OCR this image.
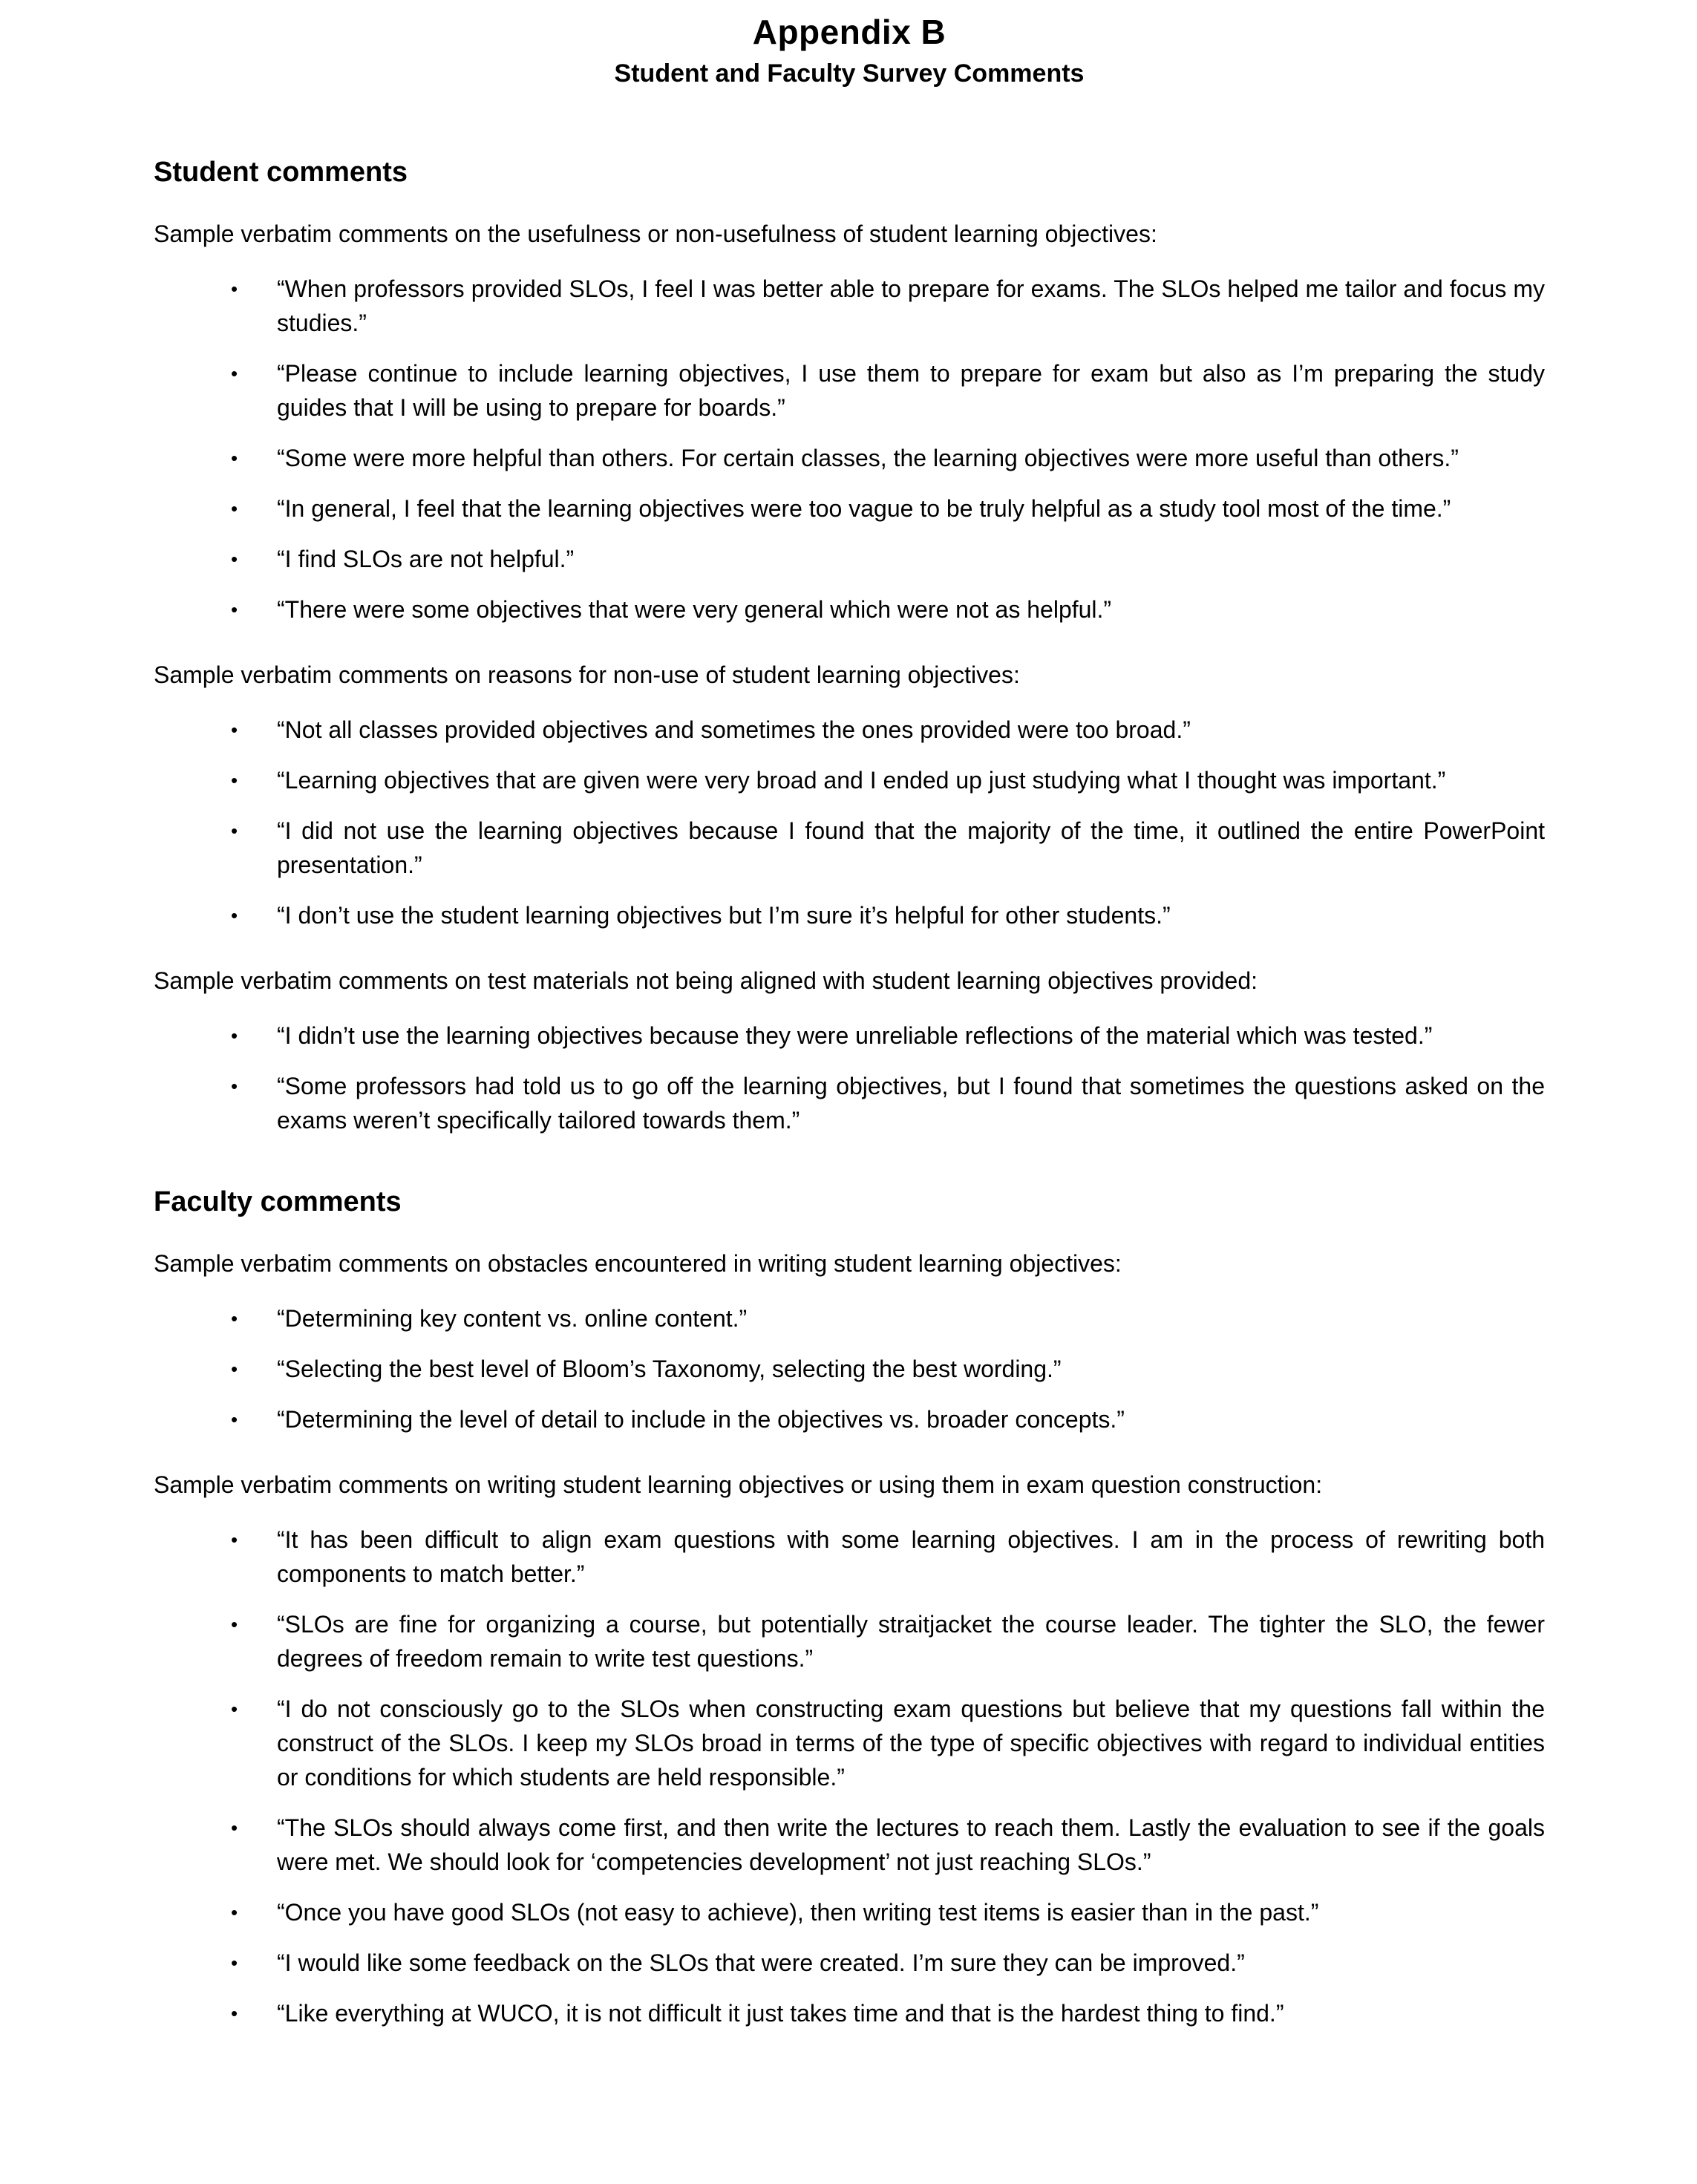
Appendix B
Student and Faculty Survey Comments
Student comments

Sample verbatim comments on the usefulness or non-usefulness of student learning objectives:

•	“When professors provided SLOs, I feel I was better able to prepare for exams. The SLOs helped me tailor and focus my studies.”
•	“Please continue to include learning objectives, I use them to prepare for exam but also as I’m preparing the study guides that I will be using to prepare for boards.”
•	“Some were more helpful than others. For certain classes, the learning objectives were more useful than others.”
•	“In general, I feel that the learning objectives were too vague to be truly helpful as a study tool most of the time.”
•	“I find SLOs are not helpful.”
•	“There were some objectives that were very general which were not as helpful.”

Sample verbatim comments on reasons for non-use of student learning objectives:

•	“Not all classes provided objectives and sometimes the ones provided were too broad.”
•	“Learning objectives that are given were very broad and I ended up just studying what I thought was important.”
•	“I did not use the learning objectives because I found that the majority of the time, it outlined the entire PowerPoint presentation.”
•	“I don’t use the student learning objectives but I’m sure it’s helpful for other students.”

Sample verbatim comments on test materials not being aligned with student learning objectives provided:

•	“I didn’t use the learning objectives because they were unreliable reflections of the material which was tested.”
•	“Some professors had told us to go off the learning objectives, but I found that sometimes the questions asked on the exams weren’t specifically tailored towards them.”
Faculty comments

Sample verbatim comments on obstacles encountered in writing student learning objectives:

•	“Determining key content vs. online content.”
•	“Selecting the best level of Bloom’s Taxonomy, selecting the best wording.”
•	“Determining the level of detail to include in the objectives vs. broader concepts.”

Sample verbatim comments on writing student learning objectives or using them in exam question construction:

•	“It has been difficult to align exam questions with some learning objectives. I am in the process of rewriting both components to match better.”
•	“SLOs are fine for organizing a course, but potentially straitjacket the course leader. The tighter the SLO, the fewer degrees of freedom remain to write test questions.”
•	“I do not consciously go to the SLOs when constructing exam questions but believe that my questions fall within the construct of the SLOs. I keep my SLOs broad in terms of the type of specific objectives with regard to individual entities or conditions for which students are held responsible.”
•	“The SLOs should always come first, and then write the lectures to reach them. Lastly the evaluation to see if the goals were met. We should look for ‘competencies development’ not just reaching SLOs.”
•	“Once you have good SLOs (not easy to achieve), then writing test items is easier than in the past.”
•	“I would like some feedback on the SLOs that were created. I’m sure they can be improved.”
•	“Like everything at WUCO, it is not difficult it just takes time and that is the hardest thing to find.”
